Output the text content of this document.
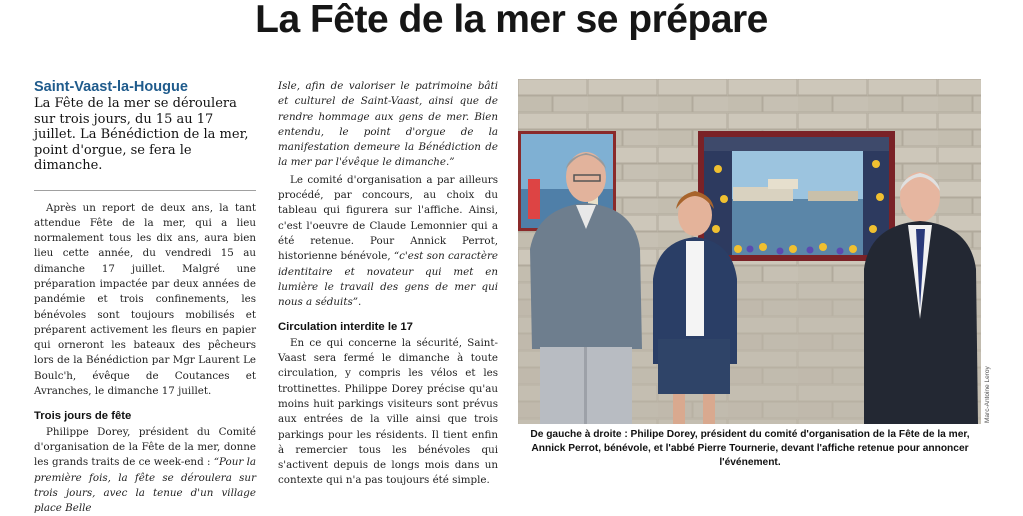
La Fête de la mer se prépare
Saint-Vaast-la-Hougue

La Fête de la mer se déroulera sur trois jours, du 15 au 17 juillet. La Bénédiction de la mer, point d'orgue, se fera le dimanche.

Après un report de deux ans, la tant attendue Fête de la mer, qui a lieu normalement tous les dix ans, aura bien lieu cette année, du vendredi 15 au dimanche 17 juillet. Malgré une préparation impactée par deux années de pandémie et trois confinements, les bénévoles sont toujours mobilisés et préparent activement les fleurs en papier qui orneront les bateaux des pêcheurs lors de la Bénédiction par Mgr Laurent Le Boulc'h, évêque de Coutances et Avranches, le dimanche 17 juillet.

Trois jours de fête

Philippe Dorey, président du Comité d'organisation de la Fête de la mer, donne les grands traits de ce week-end : “Pour la première fois, la fête se déroulera sur trois jours, avec la tenue d'un village place Belle

Isle, afin de valoriser le patrimoine bâti et culturel de Saint-Vaast, ainsi que de rendre hommage aux gens de mer. Bien entendu, le point d'orgue de la manifestation demeure la Bénédiction de la mer par l'évêque le dimanche.”

Le comité d'organisation a par ailleurs procédé, par concours, au choix du tableau qui figurera sur l'affiche. Ainsi, c'est l'oeuvre de Claude Lemonnier qui a été retenue. Pour Annick Perrot, historienne bénévole, “c'est son caractère identitaire et novateur qui met en lumière le travail des gens de mer qui nous a séduits”.

Circulation interdite le 17

En ce qui concerne la sécurité, Saint-Vaast sera fermé le dimanche à toute circulation, y compris les vélos et les trottinettes. Philippe Dorey précise qu'au moins huit parkings visiteurs sont prévus aux entrées de la ville ainsi que trois parkings pour les résidents. Il tient enfin à remercier tous les bénévoles qui s'activent depuis de longs mois dans un contexte qui n'a pas toujours été simple.

Marc-Antoine Leroy
De gauche à droite : Philipe Dorey, président du comité d'organisation de la Fête de la mer, Annick Perrot, bénévole, et l'abbé Pierre Tournerie, devant l'affiche retenue pour annoncer l'événement.
